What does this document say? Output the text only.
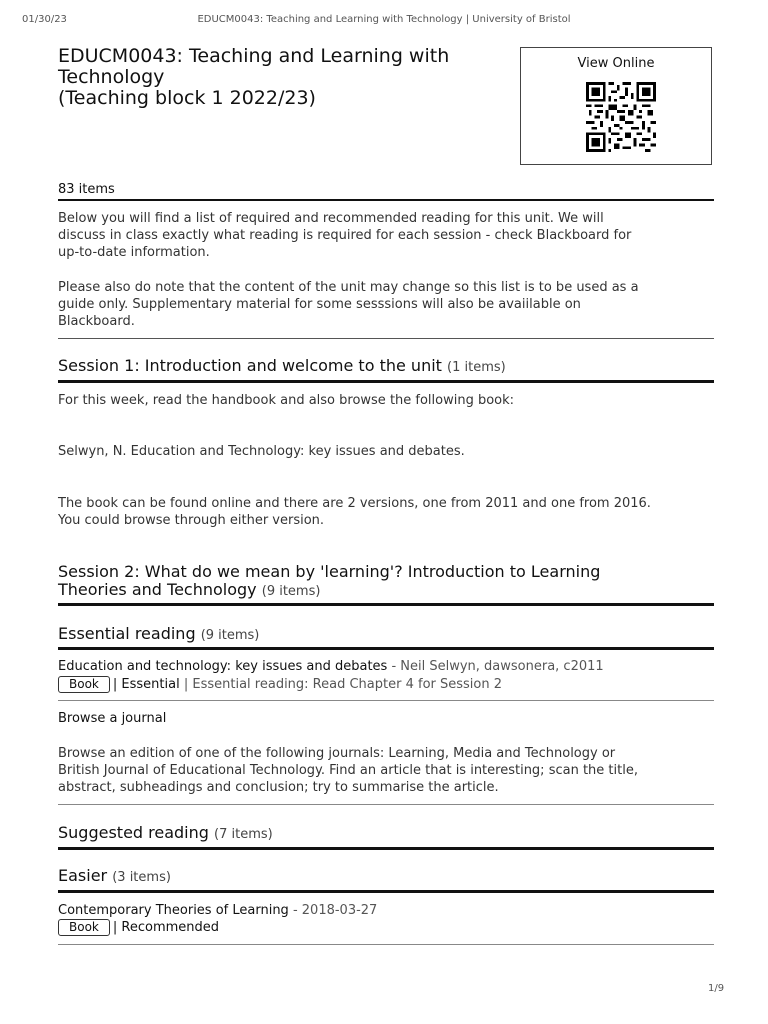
01/30/23	EDUCM0043: Teaching and Learning with Technology | University of Bristol
EDUCM0043: Teaching and Learning with
Technology
(Teaching block 1 2022/23)
View Online
83 items
Below you will find a list of required and recommended reading for this unit. We will
discuss in class exactly what reading is required for each session - check Blackboard for
up-to-date information.
Please also do note that the content of the unit may change so this list is to be used as a
guide only. Supplementary material for some sesssions will also be avaiilable on
Blackboard.
Session 1: Introduction and welcome to the unit (1 items)
For this week, read the handbook and also browse the following book:
Selwyn, N. Education and Technology: key issues and debates.
The book can be found online and there are 2 versions, one from 2011 and one from 2016.
You could browse through either version.
Session 2: What do we mean by 'learning'? Introduction to Learning
Theories and Technology (9 items)
Essential reading (9 items)
Education and technology: key issues and debates - Neil Selwyn, dawsonera, c2011
Book | Essential | Essential reading: Read Chapter 4 for Session 2
Browse a journal
Browse an edition of one of the following journals: Learning, Media and Technology or
British Journal of Educational Technology. Find an article that is interesting; scan the title,
abstract, subheadings and conclusion; try to summarise the article.
Suggested reading (7 items)
Easier (3 items)
Contemporary Theories of Learning - 2018-03-27
Book | Recommended
1/9
